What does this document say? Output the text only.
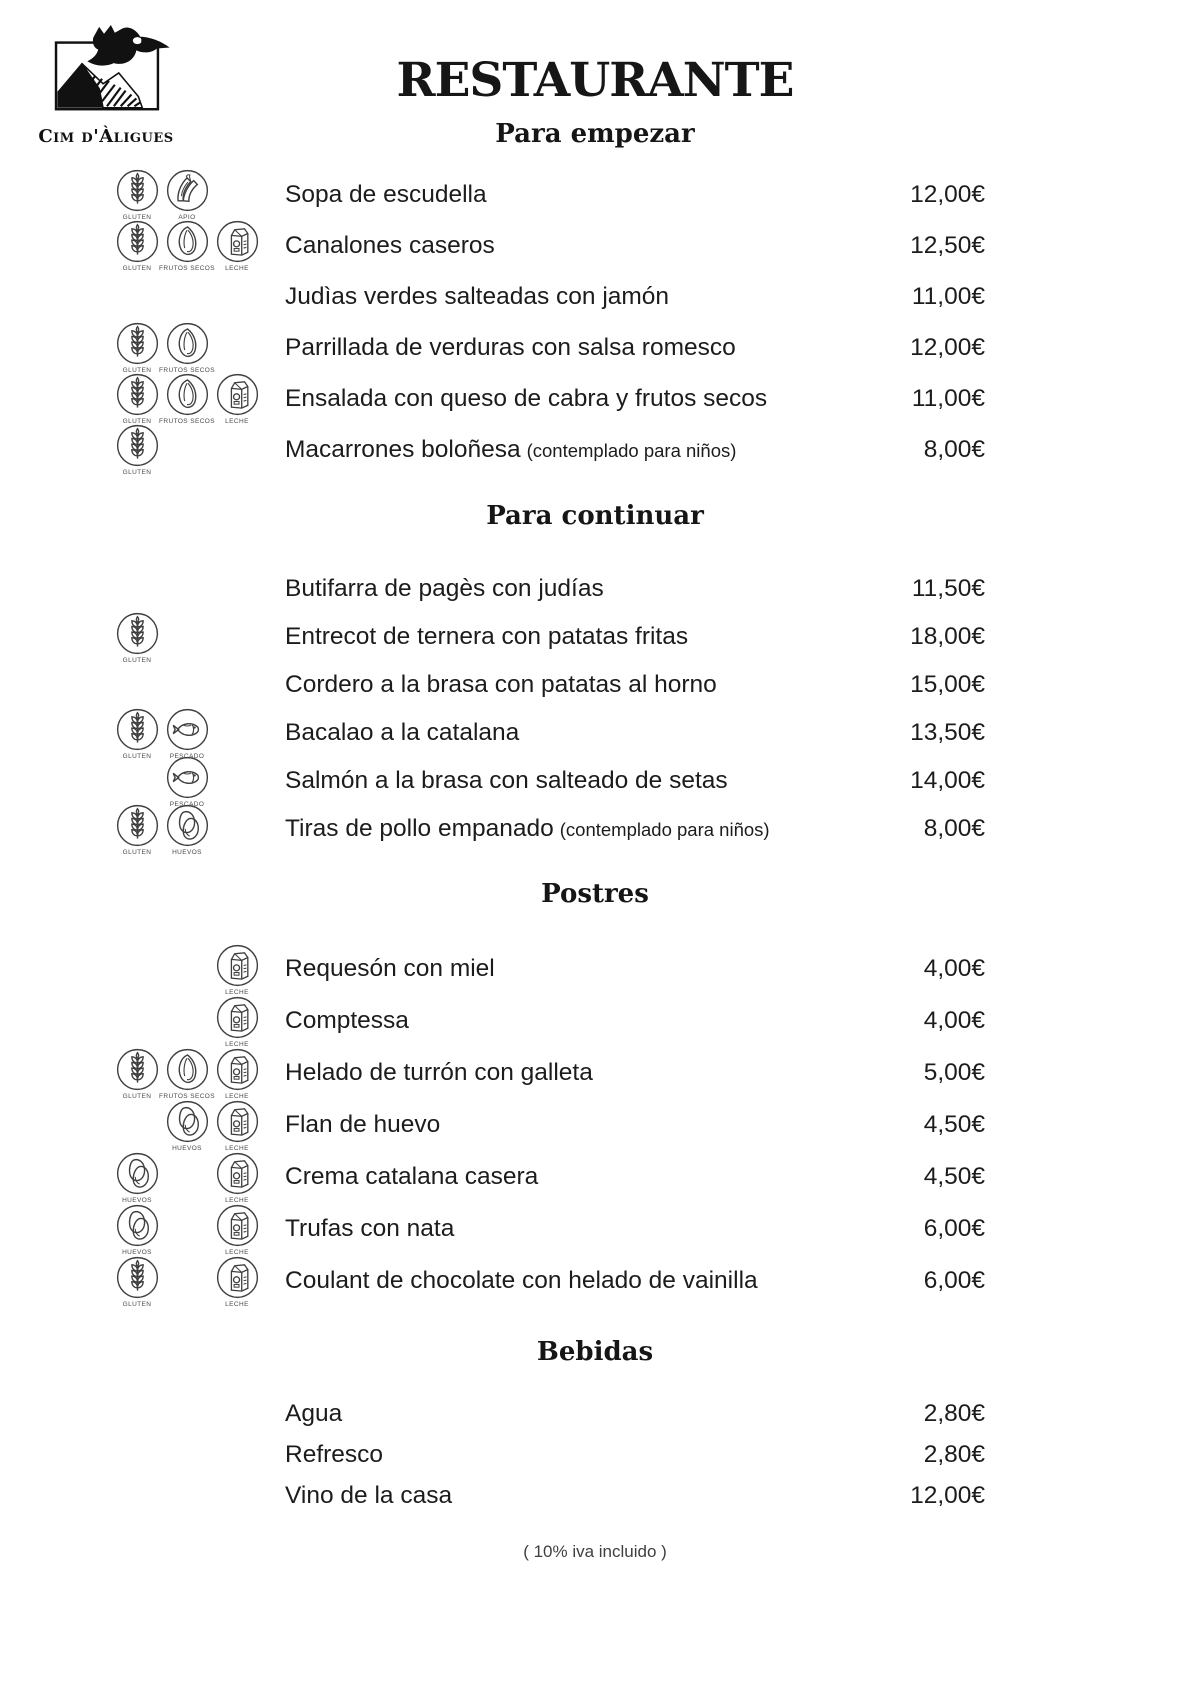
Cim d'Àligues
RESTAURANTE
Para empezar
GLUTEN	APIO
Sopa de escudella	12,00€
GLUTEN FRUTOS SECOS LECHE
Canalones caseros	12,50€
Judìas verdes salteadas con jamón	11,00€
GLUTEN FRUTOS SECOS
Parrillada de verduras con salsa romesco	12,00€
GLUTEN FRUTOS SECOS LECHE
Ensalada con queso de cabra y frutos secos	11,00€
GLUTEN
Macarrones boloñesa (contemplado para niños)	8,00€
Para continuar
Butifarra de pagès con judías	11,50€
GLUTEN
Entrecot de ternera con patatas fritas	18,00€
Cordero a la brasa con patatas al horno	15,00€
GLUTEN	PESCADO
Bacalao a la catalana	13,50€
PESCADO
Salmón a la brasa con salteado de setas	14,00€
GLUTEN	HUEVOS
Tiras de pollo empanado (contemplado para niños)	8,00€
Postres
LECHE
Requesón con miel	4,00€
LECHE
Comptessa	4,00€
GLUTEN FRUTOS SECOS LECHE
Helado de turrón con galleta	5,00€
HUEVOS	LECHE
Flan de huevo	4,50€
HUEVOS	LECHE
Crema catalana casera	4,50€
HUEVOS	LECHE
Trufas con nata	6,00€
GLUTEN	LECHE
Coulant de chocolate con helado de vainilla	6,00€
Bebidas
Agua	2,80€
Refresco	2,80€
Vino de la casa	12,00€
( 10% iva incluido )
